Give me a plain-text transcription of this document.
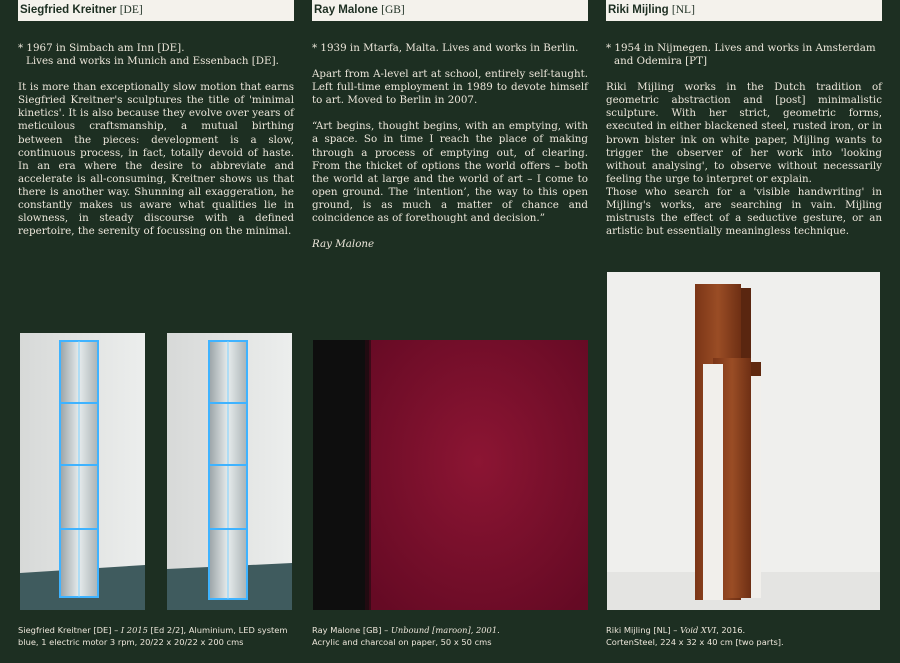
Siegfried Kreitner [DE]
* 1967 in Simbach am Inn [DE].
Lives and works in Munich and Essenbach [DE].

It is more than exceptionally slow motion that earns Siegfried Kreitner's sculptures the title of 'minimal kinetics'. It is also because they evolve over years of meticulous craftsmanship, a mutual birthing between the pieces: development is a slow, continuous process, in fact, totally devoid of haste. In an era where the desire to abbreviate and accelerate is all-consuming, Kreitner shows us that there is another way. Shunning all exaggeration, he constantly makes us aware what qualities lie in slowness, in steady discourse with a defined repertoire, the serenity of focussing on the minimal.

Ray Malone [GB]
* 1939 in Mtarfa, Malta. Lives and works in Berlin.

Apart from A-level art at school, entirely self-taught. Left full-time employment in 1989 to devote himself to art. Moved to Berlin in 2007.

“Art begins, thought begins, with an emptying, with a space. So in time I reach the place of making through a process of emptying out, of clearing. From the thicket of options the world offers – both the world at large and the world of art – I come to open ground. The ‘intention’, the way to this open ground, is as much a matter of chance and coincidence as of forethought and decision.”

Ray Malone

Riki Mijling [NL]
* 1954 in Nijmegen. Lives and works in Amsterdam
and Odemira [PT]

Riki Mijling works in the Dutch tradition of geometric abstraction and [post] minimalistic sculpture. With her strict, geometric forms, executed in either blackened steel, rusted iron, or in brown bister ink on white paper, Mijling wants to trigger the observer of her work into 'looking without analysing', to observe without necessarily feeling the urge to interpret or explain.

Those who search for a 'visible handwriting' in Mijling's works, are searching in vain. Mijling mistrusts the effect of a seductive gesture, or an artistic but essentially meaningless technique.

Siegfried Kreitner [DE] – I 2015 [Ed 2/2], Aluminium, LED system blue, 1 electric motor 3 rpm, 20/22 x 20/22 x 200 cms
Ray Malone [GB] – Unbound [maroon], 2001.
Acrylic and charcoal on paper, 50 x 50 cms
Riki Mijling [NL] – Void XVI, 2016.
CortenSteel, 224 x 32 x 40 cm [two parts].
